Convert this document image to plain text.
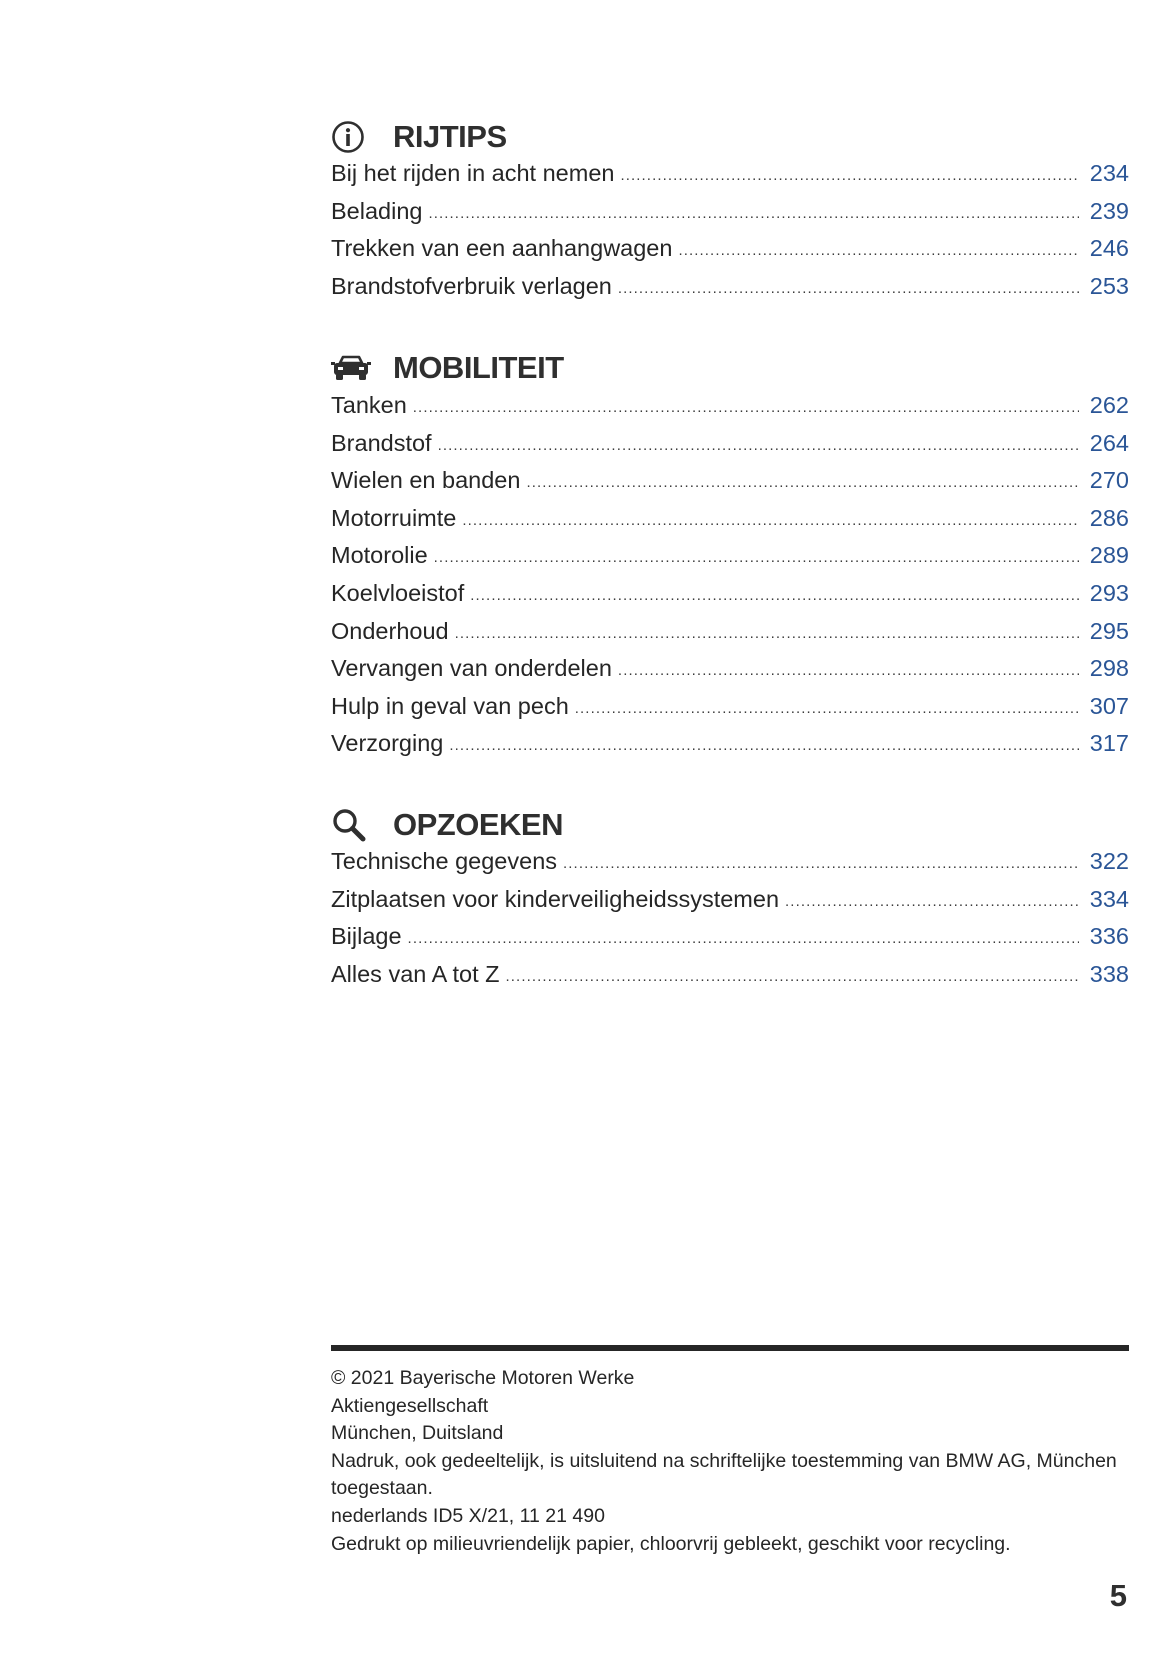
RIJTIPS
Bij het rijden in acht nemen .....	234
Belading .....	239
Trekken van een aanhangwagen .....	246
Brandstofverbruik verlagen .....	253
MOBILITEIT
Tanken .....	262
Brandstof .....	264
Wielen en banden .....	270
Motorruimte .....	286
Motorolie .....	289
Koelvloeistof .....	293
Onderhoud .....	295
Vervangen van onderdelen .....	298
Hulp in geval van pech .....	307
Verzorging .....	317
OPZOEKEN
Technische gegevens .....	322
Zitplaatsen voor kinderveiligheidssystemen .....	334
Bijlage .....	336
Alles van A tot Z .....	338

© 2021 Bayerische Motoren Werke

Aktiengesellschaft

München, Duitsland

Nadruk, ook gedeeltelijk, is uitsluitend na schriftelijke toestemming van BMW AG, München toegestaan.

nederlands ID5 X/21, 11 21 490

Gedrukt op milieuvriendelijk papier, chloorvrij gebleekt, geschikt voor recycling.

5
